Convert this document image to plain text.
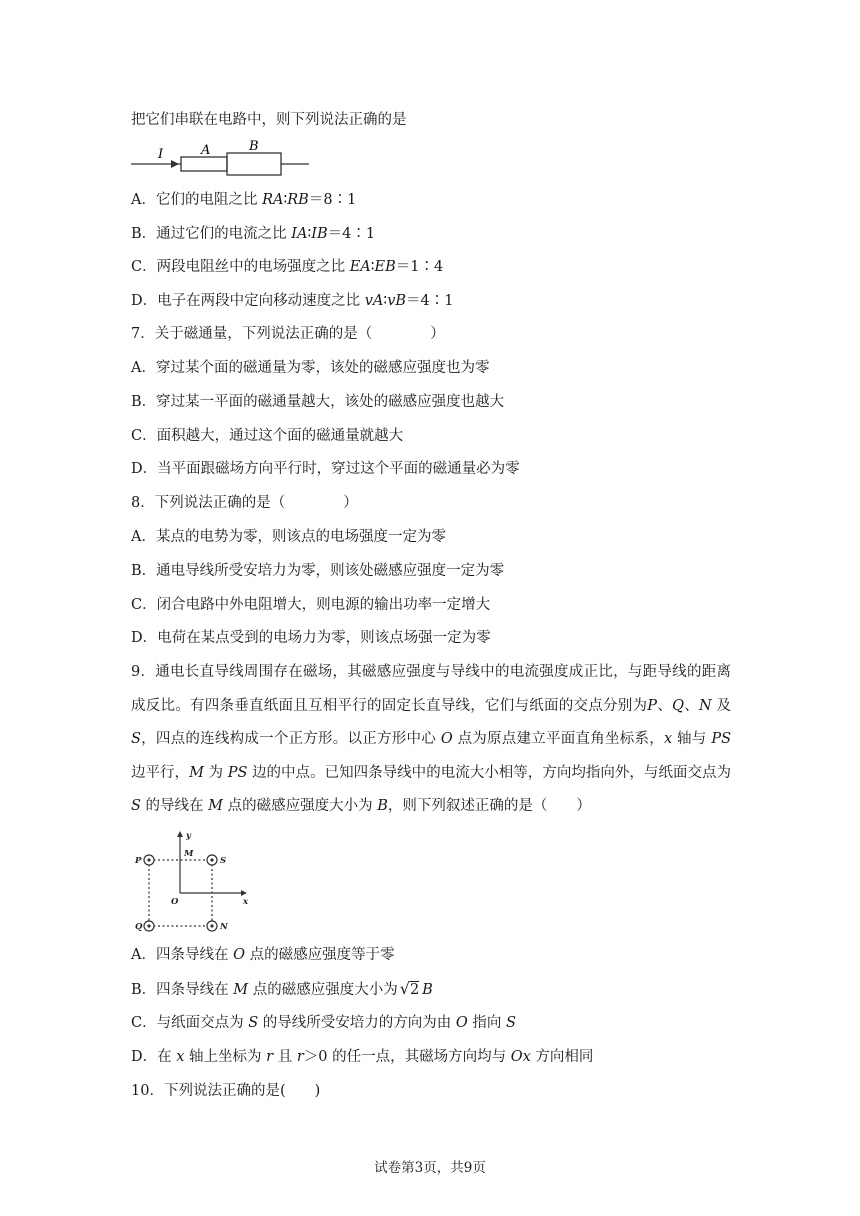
把它们串联在电路中，则下列说法正确的是
I	A	B
A．它们的电阻之比 RA∶RB＝8∶1
B．通过它们的电流之比 IA∶IB＝4∶1
C．两段电阻丝中的电场强度之比 EA∶EB＝1∶4
D．电子在两段中定向移动速度之比 vA∶vB＝4∶1
7．关于磁通量，下列说法正确的是（　　　　）
A．穿过某个面的磁通量为零，该处的磁感应强度也为零
B．穿过某一平面的磁通量越大，该处的磁感应强度也越大
C．面积越大，通过这个面的磁通量就越大
D．当平面跟磁场方向平行时，穿过这个平面的磁通量必为零
8．下列说法正确的是（　　　　）
A．某点的电势为零，则该点的电场强度一定为零
B．通电导线所受安培力为零，则该处磁感应强度一定为零
C．闭合电路中外电阻增大，则电源的输出功率一定增大
D．电荷在某点受到的电场力为零，则该点场强一定为零
9．通电长直导线周围存在磁场，其磁感应强度与导线中的电流强度成正比，与距导线的距离成反比。有四条垂直纸面且互相平行的固定长直导线，它们与纸面的交点分别为P、Q、N 及 S，四点的连线构成一个正方形。以正方形中心 O 点为原点建立平面直角坐标系，x 轴与 PS 边平行，M 为 PS 边的中点。已知四条导线中的电流大小相等，方向均指向外，与纸面交点为 S 的导线在 M 点的磁感应强度大小为 B，则下列叙述正确的是（　　）
P	S
Q	N
M
O	x
y
A．四条导线在 O 点的磁感应强度等于零
B．四条导线在 M 点的磁感应强度大小为 √2 B
C．与纸面交点为 S 的导线所受安培力的方向为由 O 指向 S
D．在 x 轴上坐标为 r 且 r＞0 的任一点，其磁场方向均与 Ox 方向相同
10．下列说法正确的是(　　)
试卷第3页，共9页
